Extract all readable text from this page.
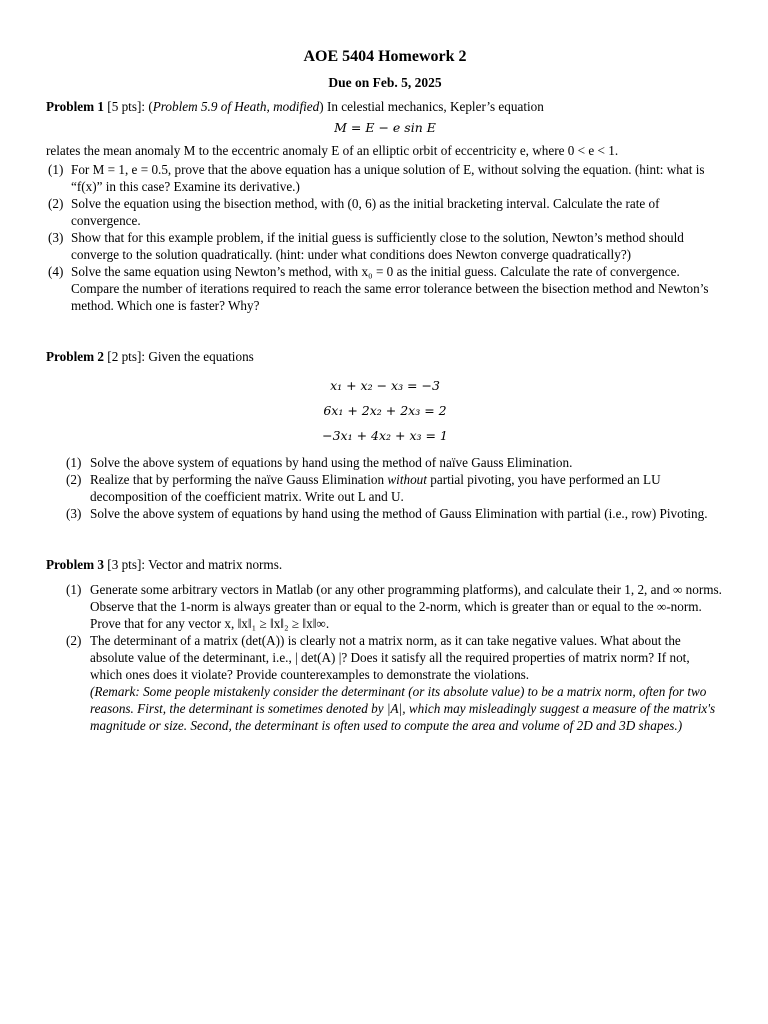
AOE 5404 Homework 2
Due on Feb. 5, 2025

Problem 1 [5 pts]: (Problem 5.9 of Heath, modified) In celestial mechanics, Kepler’s equation

M = E − e sin E

relates the mean anomaly M to the eccentric anomaly E of an elliptic orbit of eccentricity e, where 0 < e < 1.

(1) For M = 1, e = 0.5, prove that the above equation has a unique solution of E, without solving the equation. (hint: what is “f(x)” in this case? Examine its derivative.)
(2) Solve the equation using the bisection method, with (0, 6) as the initial bracketing interval. Calculate the rate of convergence.
(3) Show that for this example problem, if the initial guess is sufficiently close to the solution, Newton’s method should converge to the solution quadratically. (hint: under what conditions does Newton converge quadratically?)
(4) Solve the same equation using Newton’s method, with x₀ = 0 as the initial guess. Calculate the rate of convergence. Compare the number of iterations required to reach the same error tolerance between the bisection method and Newton’s method. Which one is faster? Why?

Problem 2 [2 pts]: Given the equations

x₁ + x₂ − x₃ = −3
6x₁ + 2x₂ + 2x₃ = 2
−3x₁ + 4x₂ + x₃ = 1
(1) Solve the above system of equations by hand using the method of naïve Gauss Elimination.
(2) Realize that by performing the naïve Gauss Elimination without partial pivoting, you have performed an LU decomposition of the coefficient matrix. Write out L and U.
(3) Solve the above system of equations by hand using the method of Gauss Elimination with partial (i.e., row) Pivoting.

Problem 3 [3 pts]: Vector and matrix norms.

(1) Generate some arbitrary vectors in Matlab (or any other programming platforms), and calculate their 1, 2, and ∞ norms. Observe that the 1-norm is always greater than or equal to the 2-norm, which is greater than or equal to the ∞-norm. Prove that for any vector x, ‖x‖₁ ≥ ‖x‖₂ ≥ ‖x‖∞.
(2) The determinant of a matrix (det(A)) is clearly not a matrix norm, as it can take negative values. What about the absolute value of the determinant, i.e., | det(A) |? Does it satisfy all the required properties of matrix norm? If not, which ones does it violate? Provide counterexamples to demonstrate the violations.
(Remark: Some people mistakenly consider the determinant (or its absolute value) to be a matrix norm, often for two reasons. First, the determinant is sometimes denoted by |A|, which may misleadingly suggest a measure of the matrix's magnitude or size. Second, the determinant is often used to compute the area and volume of 2D and 3D shapes.)
